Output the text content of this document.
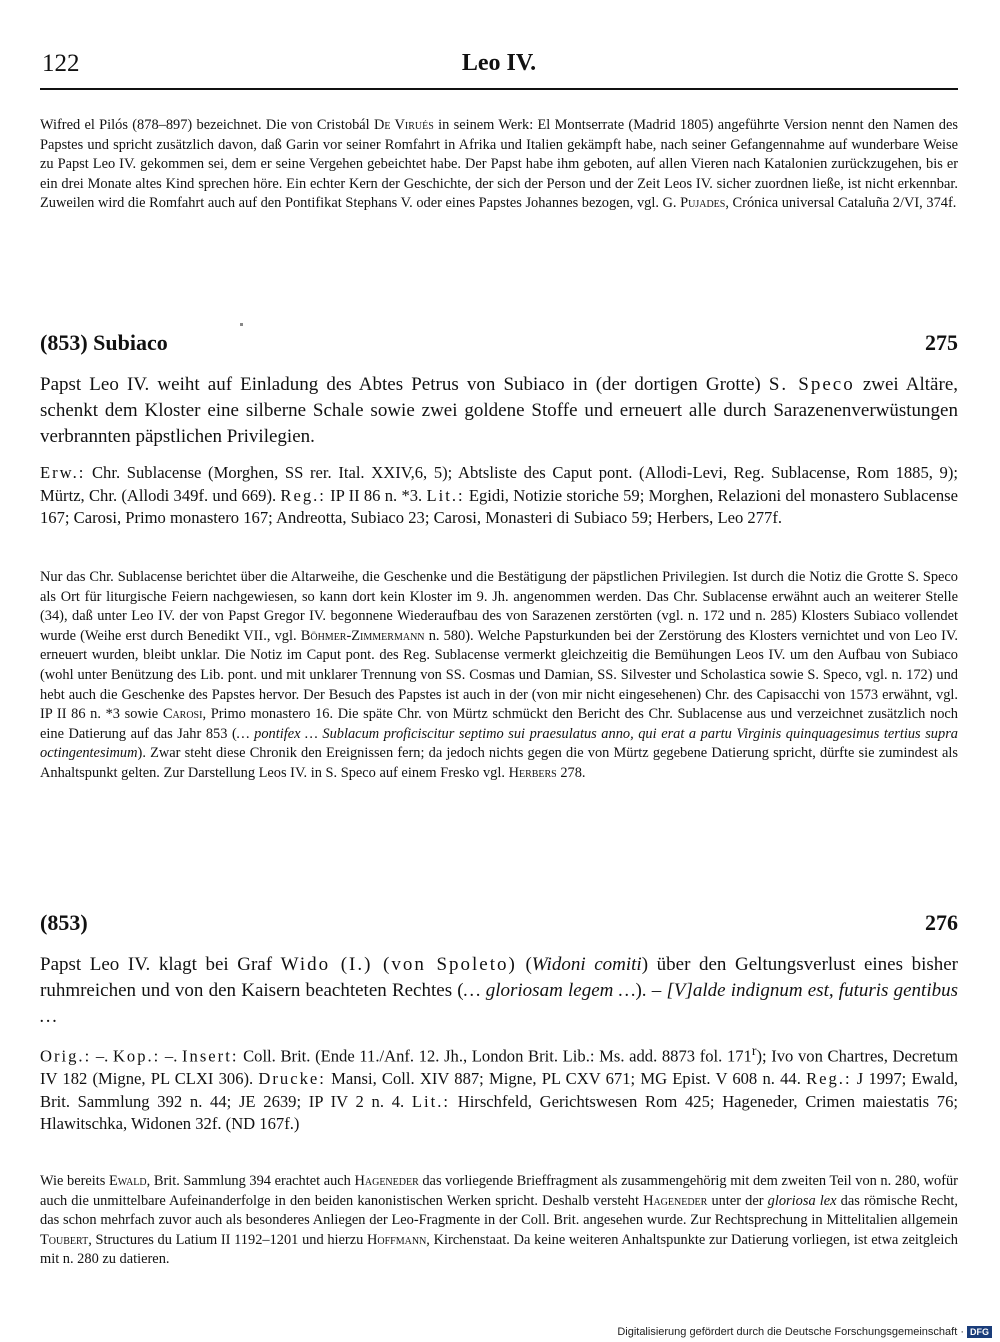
122	Leo IV.
Wifred el Pilós (878–897) bezeichnet. Die von Cristobál De Virués in seinem Werk: El Montserrate (Madrid 1805) angeführte Version nennt den Namen des Papstes und spricht zusätzlich davon, daß Garin vor seiner Romfahrt in Afrika und Italien gekämpft habe, nach seiner Gefangennahme auf wunderbare Weise zu Papst Leo IV. gekommen sei, dem er seine Vergehen gebeichtet habe. Der Papst habe ihm geboten, auf allen Vieren nach Katalonien zurückzugehen, bis er ein drei Monate altes Kind sprechen höre. Ein echter Kern der Geschichte, der sich der Person und der Zeit Leos IV. sicher zuordnen ließe, ist nicht erkennbar. Zuweilen wird die Romfahrt auch auf den Pontifikat Stephans V. oder eines Papstes Johannes bezogen, vgl. G. Pujades, Crónica universal Cataluña 2/VI, 374f.
(853) Subiaco	275
Papst Leo IV. weiht auf Einladung des Abtes Petrus von Subiaco in (der dortigen Grotte) S. Speco zwei Altäre, schenkt dem Kloster eine silberne Schale sowie zwei goldene Stoffe und erneuert alle durch Sarazenenverwüstungen verbrannten päpstlichen Privilegien.
Erw.: Chr. Sublacense (Morghen, SS rer. Ital. XXIV,6, 5); Abtsliste des Caput pont. (Allodi-Levi, Reg. Sublacense, Rom 1885, 9); Mürtz, Chr. (Allodi 349f. und 669). Reg.: IP II 86 n. *3. Lit.: Egidi, Notizie storiche 59; Morghen, Relazioni del monastero Sublacense 167; Carosi, Primo monastero 167; Andreotta, Subiaco 23; Carosi, Monasteri di Subiaco 59; Herbers, Leo 277f.
Nur das Chr. Sublacense berichtet über die Altarweihe, die Geschenke und die Bestätigung der päpstlichen Privilegien. Ist durch die Notiz die Grotte S. Speco als Ort für liturgische Feiern nachgewiesen, so kann dort kein Kloster im 9. Jh. angenommen werden. Das Chr. Sublacense erwähnt auch an weiterer Stelle (34), daß unter Leo IV. der von Papst Gregor IV. begonnene Wiederaufbau des von Sarazenen zerstörten (vgl. n. 172 und n. 285) Klosters Subiaco vollendet wurde (Weihe erst durch Benedikt VII., vgl. Böhmer-Zimmermann n. 580). Welche Papsturkunden bei der Zerstörung des Klosters vernichtet und von Leo IV. erneuert wurden, bleibt unklar. Die Notiz im Caput pont. des Reg. Sublacense vermerkt gleichzeitig die Bemühungen Leos IV. um den Aufbau von Subiaco (wohl unter Benützung des Lib. pont. und mit unklarer Trennung von SS. Cosmas und Damian, SS. Silvester und Scholastica sowie S. Speco, vgl. n. 172) und hebt auch die Geschenke des Papstes hervor. Der Besuch des Papstes ist auch in der (von mir nicht eingesehenen) Chr. des Capisacchi von 1573 erwähnt, vgl. IP II 86 n. *3 sowie Carosi, Primo monastero 16. Die späte Chr. von Mürtz schmückt den Bericht des Chr. Sublacense aus und verzeichnet zusätzlich noch eine Datierung auf das Jahr 853 (… pontifex … Sublacum proficiscitur septimo sui praesulatus anno, qui erat a partu Virginis quinquagesimus tertius supra octingentesimum). Zwar steht diese Chronik den Ereignissen fern; da jedoch nichts gegen die von Mürtz gegebene Datierung spricht, dürfte sie zumindest als Anhaltspunkt gelten. Zur Darstellung Leos IV. in S. Speco auf einem Fresko vgl. Herbers 278.
(853)	276
Papst Leo IV. klagt bei Graf Wido (I.) (von Spoleto) (Widoni comiti) über den Geltungsverlust eines bisher ruhmreichen und von den Kaisern beachteten Rechtes (… gloriosam legem …). – [V]alde indignum est, futuris gentibus …
Orig.: –. Kop.: –. Insert: Coll. Brit. (Ende 11./Anf. 12. Jh., London Brit. Lib.: Ms. add. 8873 fol. 171$^r$); Ivo von Chartres, Decretum IV 182 (Migne, PL CLXI 306). Drucke: Mansi, Coll. XIV 887; Migne, PL CXV 671; MG Epist. V 608 n. 44. Reg.: J 1997; Ewald, Brit. Sammlung 392 n. 44; JE 2639; IP IV 2 n. 4. Lit.: Hirschfeld, Gerichtswesen Rom 425; Hageneder, Crimen maiestatis 76; Hlawitschka, Widonen 32f. (ND 167f.)
Wie bereits Ewald, Brit. Sammlung 394 erachtet auch Hageneder das vorliegende Brieffragment als zusammengehörig mit dem zweiten Teil von n. 280, wofür auch die unmittelbare Aufeinanderfolge in den beiden kanonistischen Werken spricht. Deshalb versteht Hageneder unter der gloriosa lex das römische Recht, das schon mehrfach zuvor auch als besonderes Anliegen der Leo-Fragmente in der Coll. Brit. angesehen wurde. Zur Rechtsprechung in Mittelitalien allgemein Toubert, Structures du Latium II 1192–1201 und hierzu Hoffmann, Kirchenstaat. Da keine weiteren Anhaltspunkte zur Datierung vorliegen, ist etwa zeitgleich mit n. 280 zu datieren.
Digitalisierung gefördert durch die Deutsche Forschungsgemeinschaft · DFG
